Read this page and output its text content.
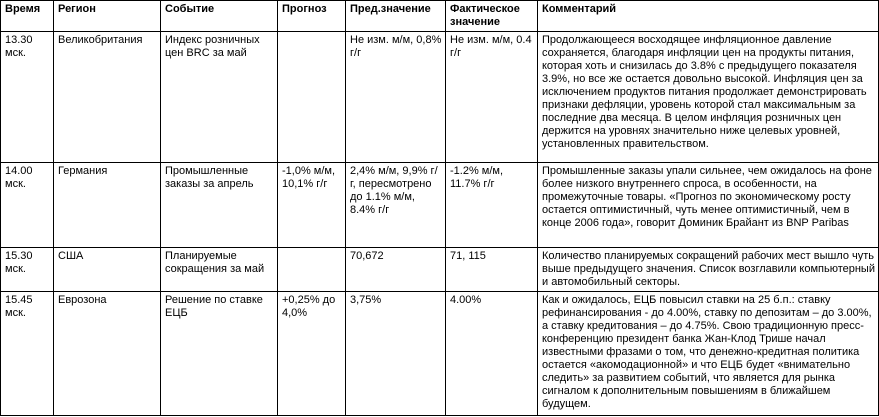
Время	Регион	Событие	Прогноз	Пред.значение	Фактическое значение	Комментарий
13.30 мск.	Великобритания	Индекс розничных цен BRC за май		Не изм. м/м, 0,8% г/г	Не изм. м/м, 0.4 г/г	Продолжающееся восходящее инфляционное давление сохраняется, благодаря инфляции цен на продукты питания, которая хоть и снизилась до 3.8% с предыдущего показателя 3.9%, но все же остается довольно высокой. Инфляция цен за исключением продуктов питания продолжает демонстрировать признаки дефляции, уровень которой стал максимальным за последние два месяца. В целом инфляция розничных цен держится на уровнях значительно ниже целевых уровней, установленных правительством.
14.00 мск.	Германия	Промышленные заказы за апрель	-1,0% м/м, 10,1% г/г	2,4% м/м, 9,9% г/г, пересмотрено до 1.1% м/м, 8.4% г/г	-1.2% м/м, 11.7% г/г	Промышленные заказы упали сильнее, чем ожидалось на фоне более низкого внутреннего спроса, в особенности, на промежуточные товары. «Прогноз по экономическому росту остается оптимистичный, чуть менее оптимистичный, чем в конце 2006 года», говорит Доминик Брайант из BNP Paribas
15.30 мск.	США	Планируемые сокращения за май		70,672	71, 115	Количество планируемых сокращений рабочих мест вышло чуть выше предыдущего значения. Список возглавили компьютерный и автомобильный секторы.
15.45 мск.	Еврозона	Решение по ставке ЕЦБ	+0,25% до 4,0%	3,75%	4.00%	Как и ожидалось, ЕЦБ повысил ставки на 25 б.п.: ставку рефинансирования - до 4.00%, ставку по депозитам – до 3.00%, а ставку кредитования – до 4.75%. Свою традиционную пресс-конференцию президент банка Жан-Клод Трише начал известными фразами о том, что денежно-кредитная политика остается «акомодационной» и что ЕЦБ будет «внимательно следить» за развитием событий, что является для рынка сигналом к дополнительным повышениям в ближайшем будущем.
